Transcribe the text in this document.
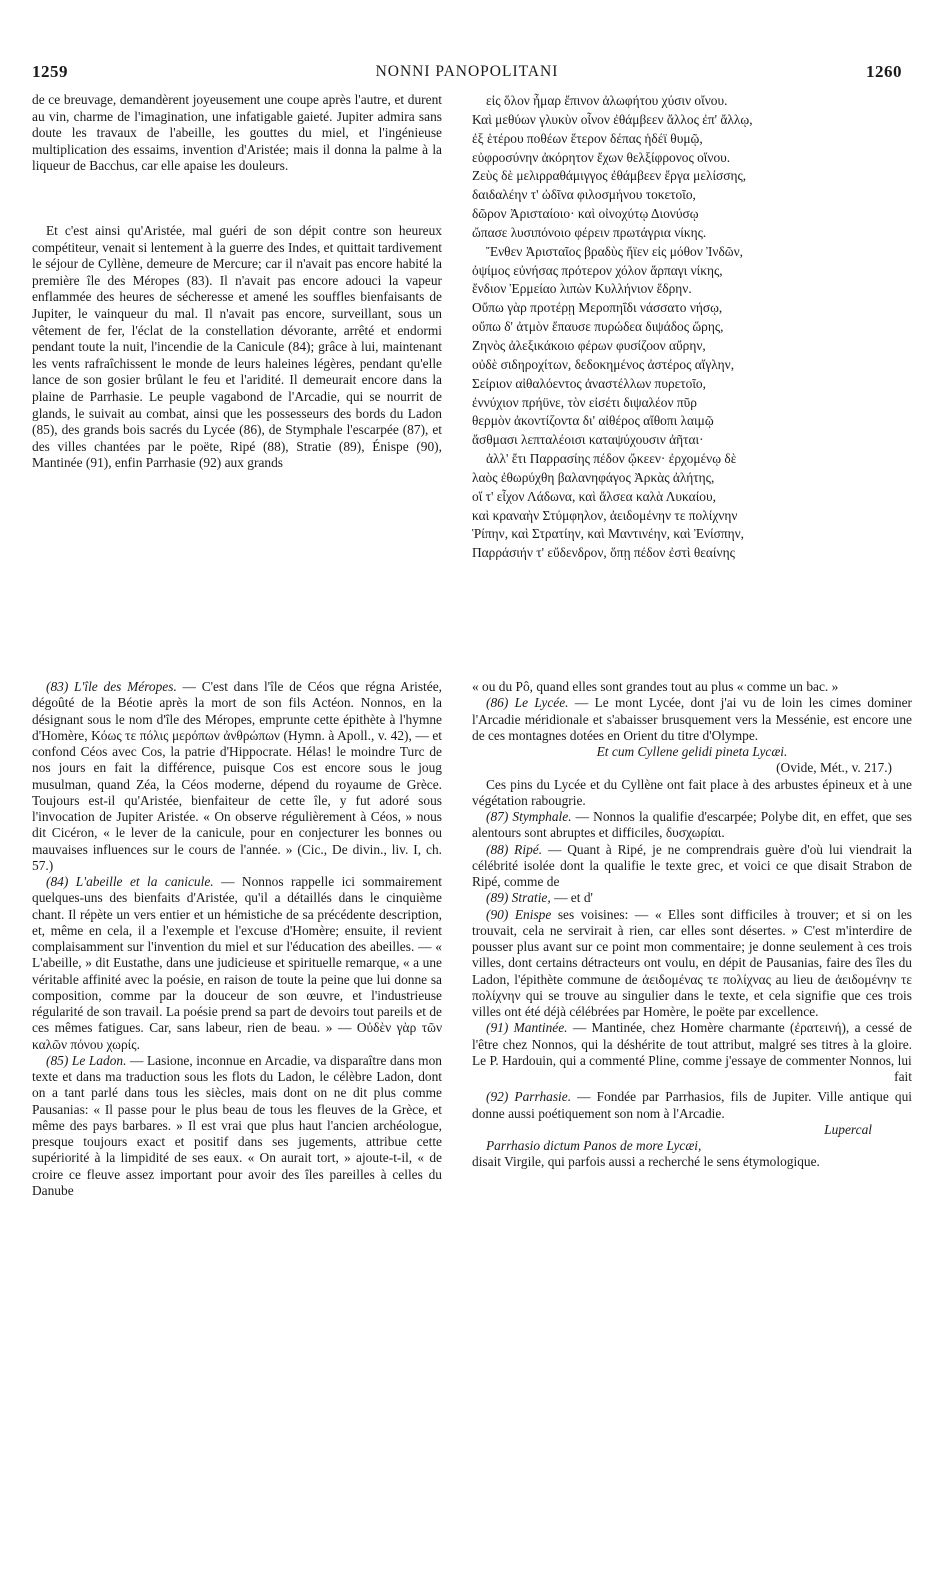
1259	NONNI PANOPOLITANI	1260

de ce breuvage, demandèrent joyeusement une coupe après l'autre, et durent au vin, charme de l'imagination, une infatigable gaieté. Jupiter admira sans doute les travaux de l'abeille, les gouttes du miel, et l'ingénieuse multiplication des essaims, invention d'Aristée; mais il donna la palme à la liqueur de Bacchus, car elle apaise les douleurs.

Et c'est ainsi qu'Aristée, mal guéri de son dépit contre son heureux compétiteur, venait si lentement à la guerre des Indes, et quittait tardivement le séjour de Cyllène, demeure de Mercure; car il n'avait pas encore habité la première île des Méropes (83). Il n'avait pas encore adouci la vapeur enflammée des heures de sécheresse et amené les souffles bienfaisants de Jupiter, le vainqueur du mal. Il n'avait pas encore, surveillant, sous un vêtement de fer, l'éclat de la constellation dévorante, arrêté et endormi pendant toute la nuit, l'incendie de la Canicule (84); grâce à lui, maintenant les vents rafraîchissent le monde de leurs haleines légères, pendant qu'elle lance de son gosier brûlant le feu et l'aridité. Il demeurait encore dans la plaine de Parrhasie. Le peuple vagabond de l'Arcadie, qui se nourrit de glands, le suivait au combat, ainsi que les possesseurs des bords du Ladon (85), des grands bois sacrés du Lycée (86), de Stymphale l'escarpée (87), et des villes chantées par le poëte, Ripé (88), Stratie (89), Énispe (90), Mantinée (91), enfin Parrhasie (92) aux grands

εἰς ὅλον ἦμαρ ἔπινον ἀλωφήτου χύσιν οἴνου.
Καὶ μεθύων γλυκὺν οἶνον ἐθάμβεεν ἄλλος ἐπ' ἄλλῳ,
ἐξ ἑτέρου ποθέων ἕτερον δέπας ἡδέϊ θυμῷ,
εὐφροσύνην ἀκόρητον ἔχων θελξίφρονος οἴνου.
Ζεὺς δὲ μελιρραθάμιγγος ἐθάμβεεν ἔργα μελίσσης,
δαιδαλέην τ' ὠδῖνα φιλοσμήνου τοκετοῖο,
δῶρον Ἀρισταίοιο· καὶ οἰνοχύτῳ Διονύσῳ
ὤπασε λυσιπόνοιο φέρειν πρωτάγρια νίκης.
Ἔνθεν Ἀρισταῖος βραδὺς ἤϊεν εἰς μόθον Ἰνδῶν,
ὀψίμος εὐνήσας πρότερον χόλον ἅρπαγι νίκης,
ἔνδιον Ἑρμείαο λιπὼν Κυλλήνιον ἕδρην.
Οὔπω γὰρ προτέρῃ Μεροπηΐδι νάσσατο νήσῳ,
οὔπω δ' ἀτμὸν ἔπαυσε πυρώδεα διψάδος ὥρης,
Ζηνὸς ἀλεξικάκοιο φέρων φυσίζοον αὔρην,
οὐδὲ σιδηροχίτων, δεδοκημένος ἀστέρος αἴγλην,
Σείριον αἰθαλόεντος ἀναστέλλων πυρετοῖο,
ἐννύχιον πρήϋνε, τὸν εἰσέτι διψαλέον πῦρ
θερμὸν ἀκοντίζοντα δι' αἰθέρος αἴθοπι λαιμῷ
ἄσθμασι λεπταλέοισι καταψύχουσιν ἀῆται·
ἀλλ' ἔτι Παρρασίης πέδον ᾤκεεν· ἐρχομένῳ δὲ
λαὸς ἐθωρύχθη βαλανηφάγος Ἀρκὰς ἀλήτης,
οἵ τ' εἶχον Λάδωνα, καὶ ἄλσεα καλὰ Λυκαίου,
καὶ κραναὴν Στύμφηλον, ἀειδομένην τε πολίχνην
Ῥίπην, καὶ Στρατίην, καὶ Μαντινέην, καὶ Ἐνίσπην,
Παρράσιήν τ' εὔδενδρον, ὅπῃ πέδον ἐστὶ θεαίνης

(83) L'île des Méropes. — C'est dans l'île de Céos que régna Aristée, dégoûté de la Béotie après la mort de son fils Actéon. Nonnos, en la désignant sous le nom d'île des Méropes, emprunte cette épithète à l'hymne d'Homère, Κόως τε πόλις μερόπων ἀνθρώπων (Hymn. à Apoll., v. 42), — et confond Céos avec Cos, la patrie d'Hippocrate. Hélas! le moindre Turc de nos jours en fait la différence, puisque Cos est encore sous le joug musulman, quand Zéa, la Céos moderne, dépend du royaume de Grèce. Toujours est-il qu'Aristée, bienfaiteur de cette île, y fut adoré sous l'invocation de Jupiter Aristée. « On observe régulièrement à Céos, » nous dit Cicéron, « le lever de la canicule, pour en conjecturer les bonnes ou mauvaises influences sur le cours de l'année. » (Cic., De divin., liv. I, ch. 57.)

(84) L'abeille et la canicule. — Nonnos rappelle ici sommairement quelques-uns des bienfaits d'Aristée, qu'il a détaillés dans le cinquième chant. Il répète un vers entier et un hémistiche de sa précédente description, et, même en cela, il a l'exemple et l'excuse d'Homère; ensuite, il revient complaisamment sur l'invention du miel et sur l'éducation des abeilles. — « L'abeille, » dit Eustathe, dans une judicieuse et spirituelle remarque, « a une véritable affinité avec la poésie, en raison de toute la peine que lui donne sa composition, comme par la douceur de son œuvre, et l'industrieuse régularité de son travail. La poésie prend sa part de devoirs tout pareils et de ces mêmes fatigues. Car, sans labeur, rien de beau. » — Οὐδὲν γὰρ τῶν καλῶν πόνου χωρίς.

(85) Le Ladon. — Lasione, inconnue en Arcadie, va disparaître dans mon texte et dans ma traduction sous les flots du Ladon, le célèbre Ladon, dont on a tant parlé dans tous les siècles, mais dont on ne dit plus comme Pausanias: « Il passe pour le plus beau de tous les fleuves de la Grèce, et même des pays barbares. » Il est vrai que plus haut l'ancien archéologue, presque toujours exact et positif dans ses jugements, attribue cette supériorité à la limpidité de ses eaux. « On aurait tort, » ajoute-t-il, « de croire ce fleuve assez important pour avoir des îles pareilles à celles du Danube

« ou du Pô, quand elles sont grandes tout au plus « comme un bac. »

(86) Le Lycée. — Le mont Lycée, dont j'ai vu de loin les cimes dominer l'Arcadie méridionale et s'abaisser brusquement vers la Messénie, est encore une de ces montagnes dotées en Orient du titre d'Olympe.

Et cum Cyllene gelidi pineta Lycæi.

(Ovide, Mét., v. 217.)

Ces pins du Lycée et du Cyllène ont fait place à des arbustes épineux et à une végétation rabougrie.

(87) Stymphale. — Nonnos la qualifie d'escarpée; Polybe dit, en effet, que ses alentours sont abruptes et difficiles, δυσχωρίαι.

(88) Ripé. — Quant à Ripé, je ne comprendrais guère d'où lui viendrait la célébrité isolée dont la qualifie le texte grec, et voici ce que disait Strabon de Ripé, comme de

(89) Stratie, — et d'

(90) Enispe ses voisines: — « Elles sont difficiles à trouver; et si on les trouvait, cela ne servirait à rien, car elles sont désertes. » C'est m'interdire de pousser plus avant sur ce point mon commentaire; je donne seulement à ces trois villes, dont certains détracteurs ont voulu, en dépit de Pausanias, faire des îles du Ladon, l'épithète commune de ἀειδομένας τε πολίχνας au lieu de ἀειδομένην τε πολίχνην qui se trouve au singulier dans le texte, et cela signifie que ces trois villes ont été déjà célébrées par Homère, le poëte par excellence.

(91) Mantinée. — Mantinée, chez Homère charmante (ἐρατεινή), a cessé de l'être chez Nonnos, qui la déshérite de tout attribut, malgré ses titres à la gloire. Le P. Hardouin, qui a commenté Pline, comme j'essaye de commenter Nonnos, lui

fait

(92) Parrhasie. — Fondée par Parrhasios, fils de Jupiter. Ville antique qui donne aussi poétiquement son nom à l'Arcadie.

Lupercal

Parrhasio dictum Panos de more Lycæi,

disait Virgile, qui parfois aussi a recherché le sens étymologique.
